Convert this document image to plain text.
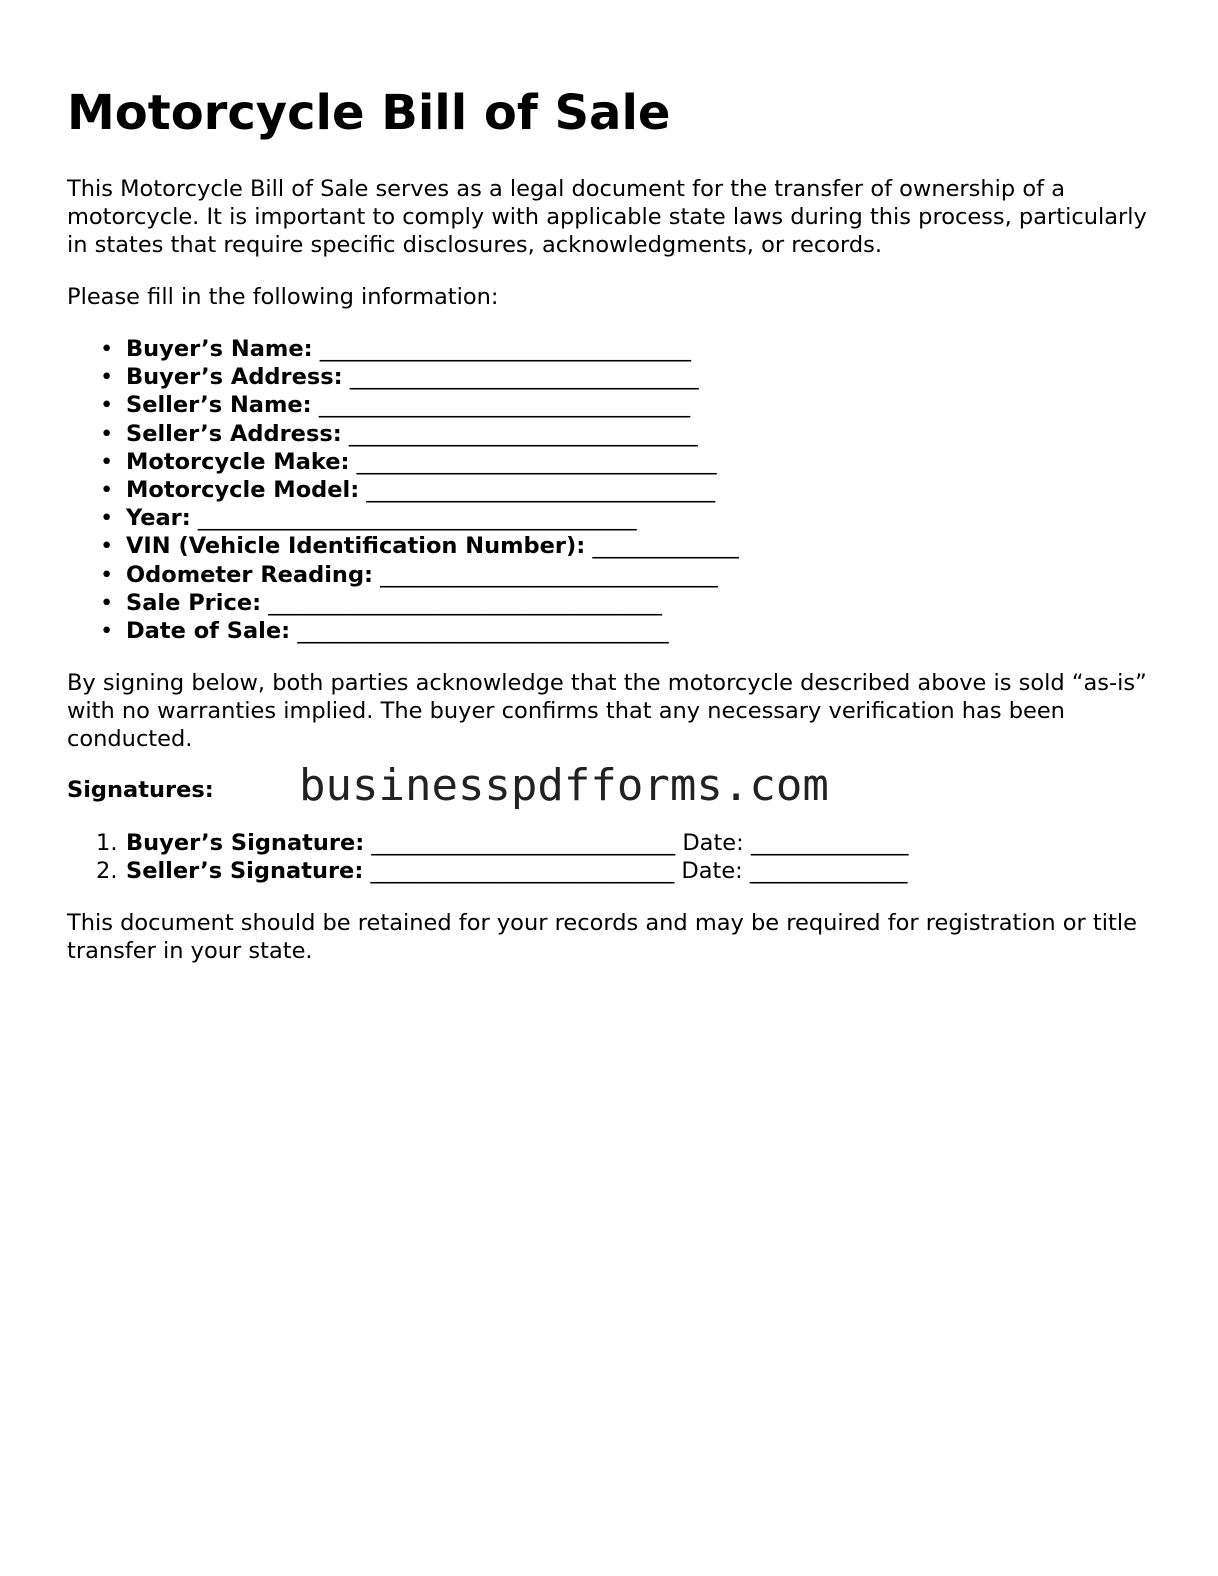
Motorcycle Bill of Sale

This Motorcycle Bill of Sale serves as a legal document for the transfer of ownership of a motorcycle. It is important to comply with applicable state laws during this process, particularly in states that require specific disclosures, acknowledgments, or records.

Please fill in the following information:

• Buyer’s Name: _________________________________
• Buyer’s Address: _______________________________
• Seller’s Name: _________________________________
• Seller’s Address: _______________________________
• Motorcycle Make: ________________________________
• Motorcycle Model: _______________________________
• Year: _______________________________________
• VIN (Vehicle Identification Number): _____________
• Odometer Reading: ______________________________
• Sale Price: ___________________________________
• Date of Sale: _________________________________

By signing below, both parties acknowledge that the motorcycle described above is sold “as-is” with no warranties implied. The buyer confirms that any necessary verification has been conducted.

Signatures: businesspdfforms.com
1. Buyer’s Signature: ___________________________ Date: ______________
2. Seller’s Signature: ___________________________ Date: ______________

This document should be retained for your records and may be required for registration or title transfer in your state.
